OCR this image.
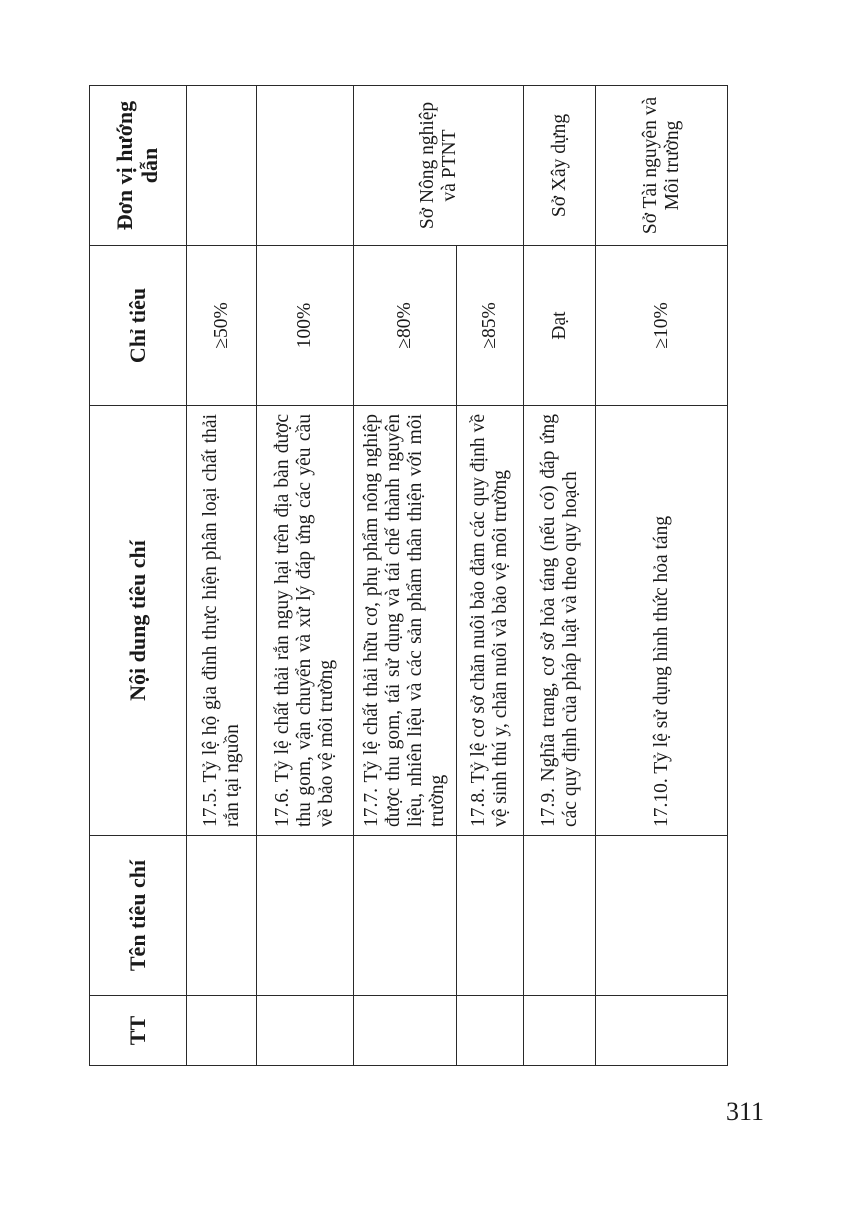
TT	Tên tiêu chí	Nội dung tiêu chí	Chỉ tiêu	Đơn vị hướng dẫn
		17.5. Tỷ lệ hộ gia đình thực hiện phân loại chất thải rắn tại nguồn	≥50%	
		17.6. Tỷ lệ chất thải rắn nguy hại trên địa bàn được thu gom, vận chuyển và xử lý đáp ứng các yêu cầu về bảo vệ môi trường	100%	
		17.7. Tỷ lệ chất thải hữu cơ, phụ phẩm nông nghiệp được thu gom, tái sử dụng và tái chế thành nguyên liệu, nhiên liệu và các sản phẩm thân thiện với môi trường	≥80%	Sở Nông nghiệp và PTNT
		17.8. Tỷ lệ cơ sở chăn nuôi bảo đảm các quy định về vệ sinh thú y, chăn nuôi và bảo vệ môi trường	≥85%	
		17.9. Nghĩa trang, cơ sở hỏa táng (nếu có) đáp ứng các quy định của pháp luật và theo quy hoạch	Đạt	Sở Xây dựng
		17.10. Tỷ lệ sử dụng hình thức hỏa táng	≥10%	Sở Tài nguyên và Môi trường
311
